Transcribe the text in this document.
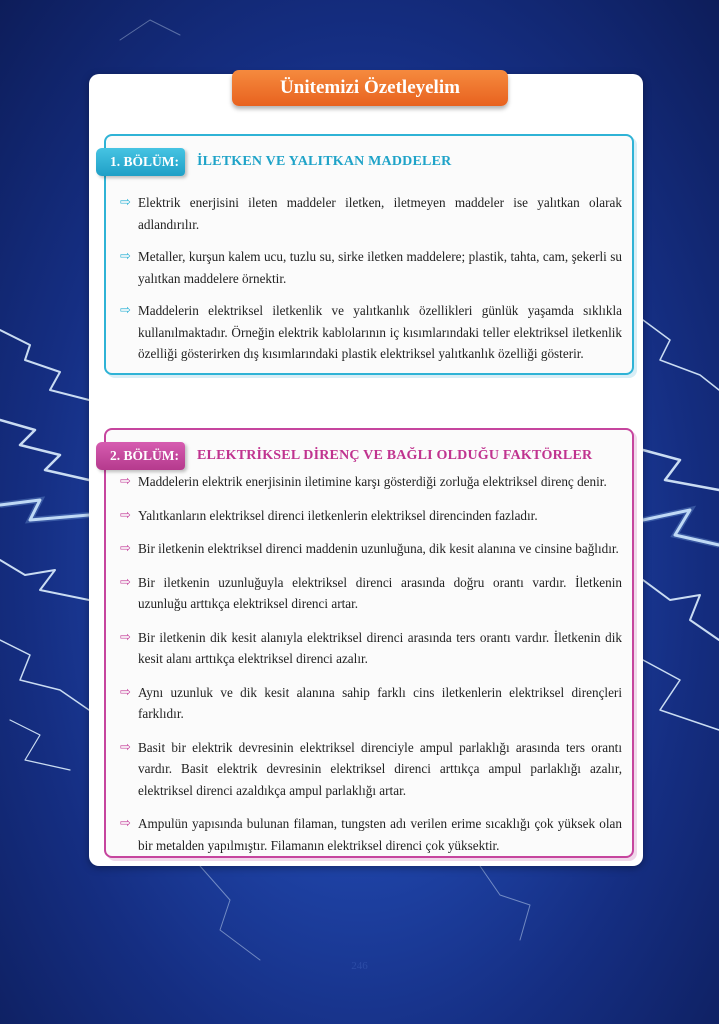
Ünitemizi Özetleyelim
1. BÖLÜM:	İLETKEN VE YALITKAN MADDELER
⇨ Elektrik enerjisini ileten maddeler iletken, iletmeyen maddeler ise yalıtkan olarak adlandırılır.
⇨ Metaller, kurşun kalem ucu, tuzlu su, sirke iletken maddelere; plastik, tahta, cam, şekerli su yalıtkan maddelere örnektir.
⇨ Maddelerin elektriksel iletkenlik ve yalıtkanlık özellikleri günlük yaşamda sıklıkla kullanılmaktadır. Örneğin elektrik kablolarının iç kısımlarındaki teller elektriksel iletkenlik özelliği gösterirken dış kısımlarındaki plastik elektriksel yalıtkanlık özelliği gösterir.
2. BÖLÜM:	ELEKTRİKSEL DİRENÇ VE BAĞLI OLDUĞU FAKTÖRLER
⇨ Maddelerin elektrik enerjisinin iletimine karşı gösterdiği zorluğa elektriksel direnç denir.
⇨ Yalıtkanların elektriksel direnci iletkenlerin elektriksel direncinden fazladır.
⇨ Bir iletkenin elektriksel direnci maddenin uzunluğuna, dik kesit alanına ve cinsine bağlıdır.
⇨ Bir iletkenin uzunluğuyla elektriksel direnci arasında doğru orantı vardır. İletkenin uzunluğu arttıkça elektriksel direnci artar.
⇨ Bir iletkenin dik kesit alanıyla elektriksel direnci arasında ters orantı vardır. İletkenin dik kesit alanı arttıkça elektriksel direnci azalır.
⇨ Aynı uzunluk ve dik kesit alanına sahip farklı cins iletkenlerin elektriksel dirençleri farklıdır.
⇨ Basit bir elektrik devresinin elektriksel direnciyle ampul parlaklığı arasında ters orantı vardır. Basit elektrik devresinin elektriksel direnci arttıkça ampul parlaklığı azalır, elektriksel direnci azaldıkça ampul parlaklığı artar.
⇨ Ampulün yapısında bulunan filaman, tungsten adı verilen erime sıcaklığı çok yüksek olan bir metalden yapılmıştır. Filamanın elektriksel direnci çok yüksektir.
246
